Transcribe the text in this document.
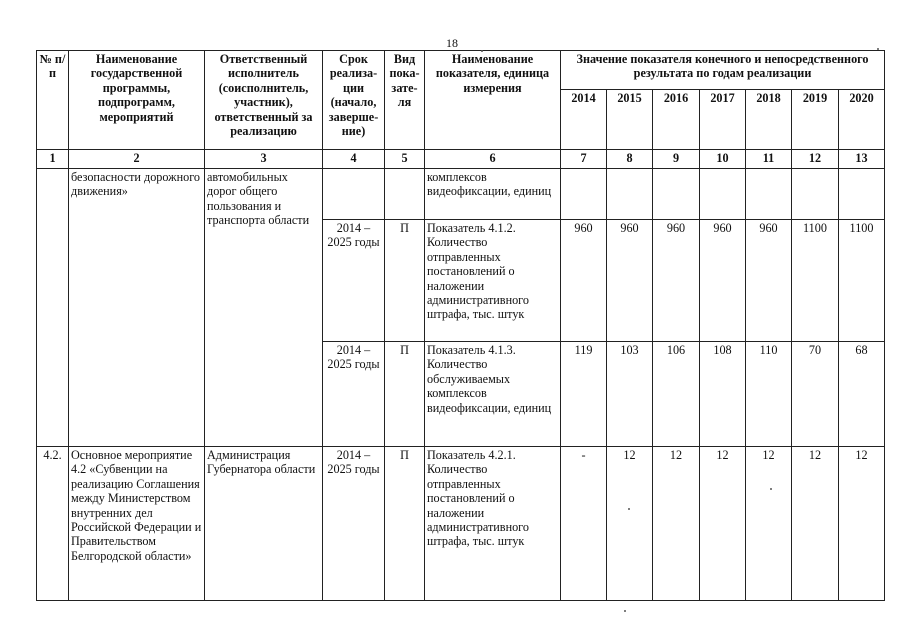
18
№ п/п	Наименование государственной программы, подпрограмм, мероприятий	Ответственный исполнитель (соисполнитель, участник), ответственный за реализацию	Срок реализа-ции (начало, заверше-ние)	Вид пока-зате-ля	Наименование показателя, единица измерения	Значение показателя конечного и непосредственного результата по годам реализации						
						2014	2015	2016	2017	2018	2019	2020
1	2	3	4	5	6	7	8	9	10	11	12	13
	безопасности дорожного движения»	автомобильных дорог общего пользования и транспорта области			комплексов видеофиксации, единиц							
			2014 – 2025 годы	П	Показатель 4.1.2. Количество отправленных постановлений о наложении административного штрафа, тыс. штук	960	960	960	960	960	1100	1100
			2014 – 2025 годы	П	Показатель 4.1.3. Количество обслуживаемых комплексов видеофиксации, единиц	119	103	106	108	110	70	68
4.2.	Основное мероприятие 4.2 «Субвенции на реализацию Соглашения между Министерством внутренних дел Российской Федерации и Правительством Белгородской области»	Администрация Губернатора области	2014 – 2025 годы	П	Показатель 4.2.1. Количество отправленных постановлений о наложении административного штрафа, тыс. штук	-	12	12	12	12	12	12
